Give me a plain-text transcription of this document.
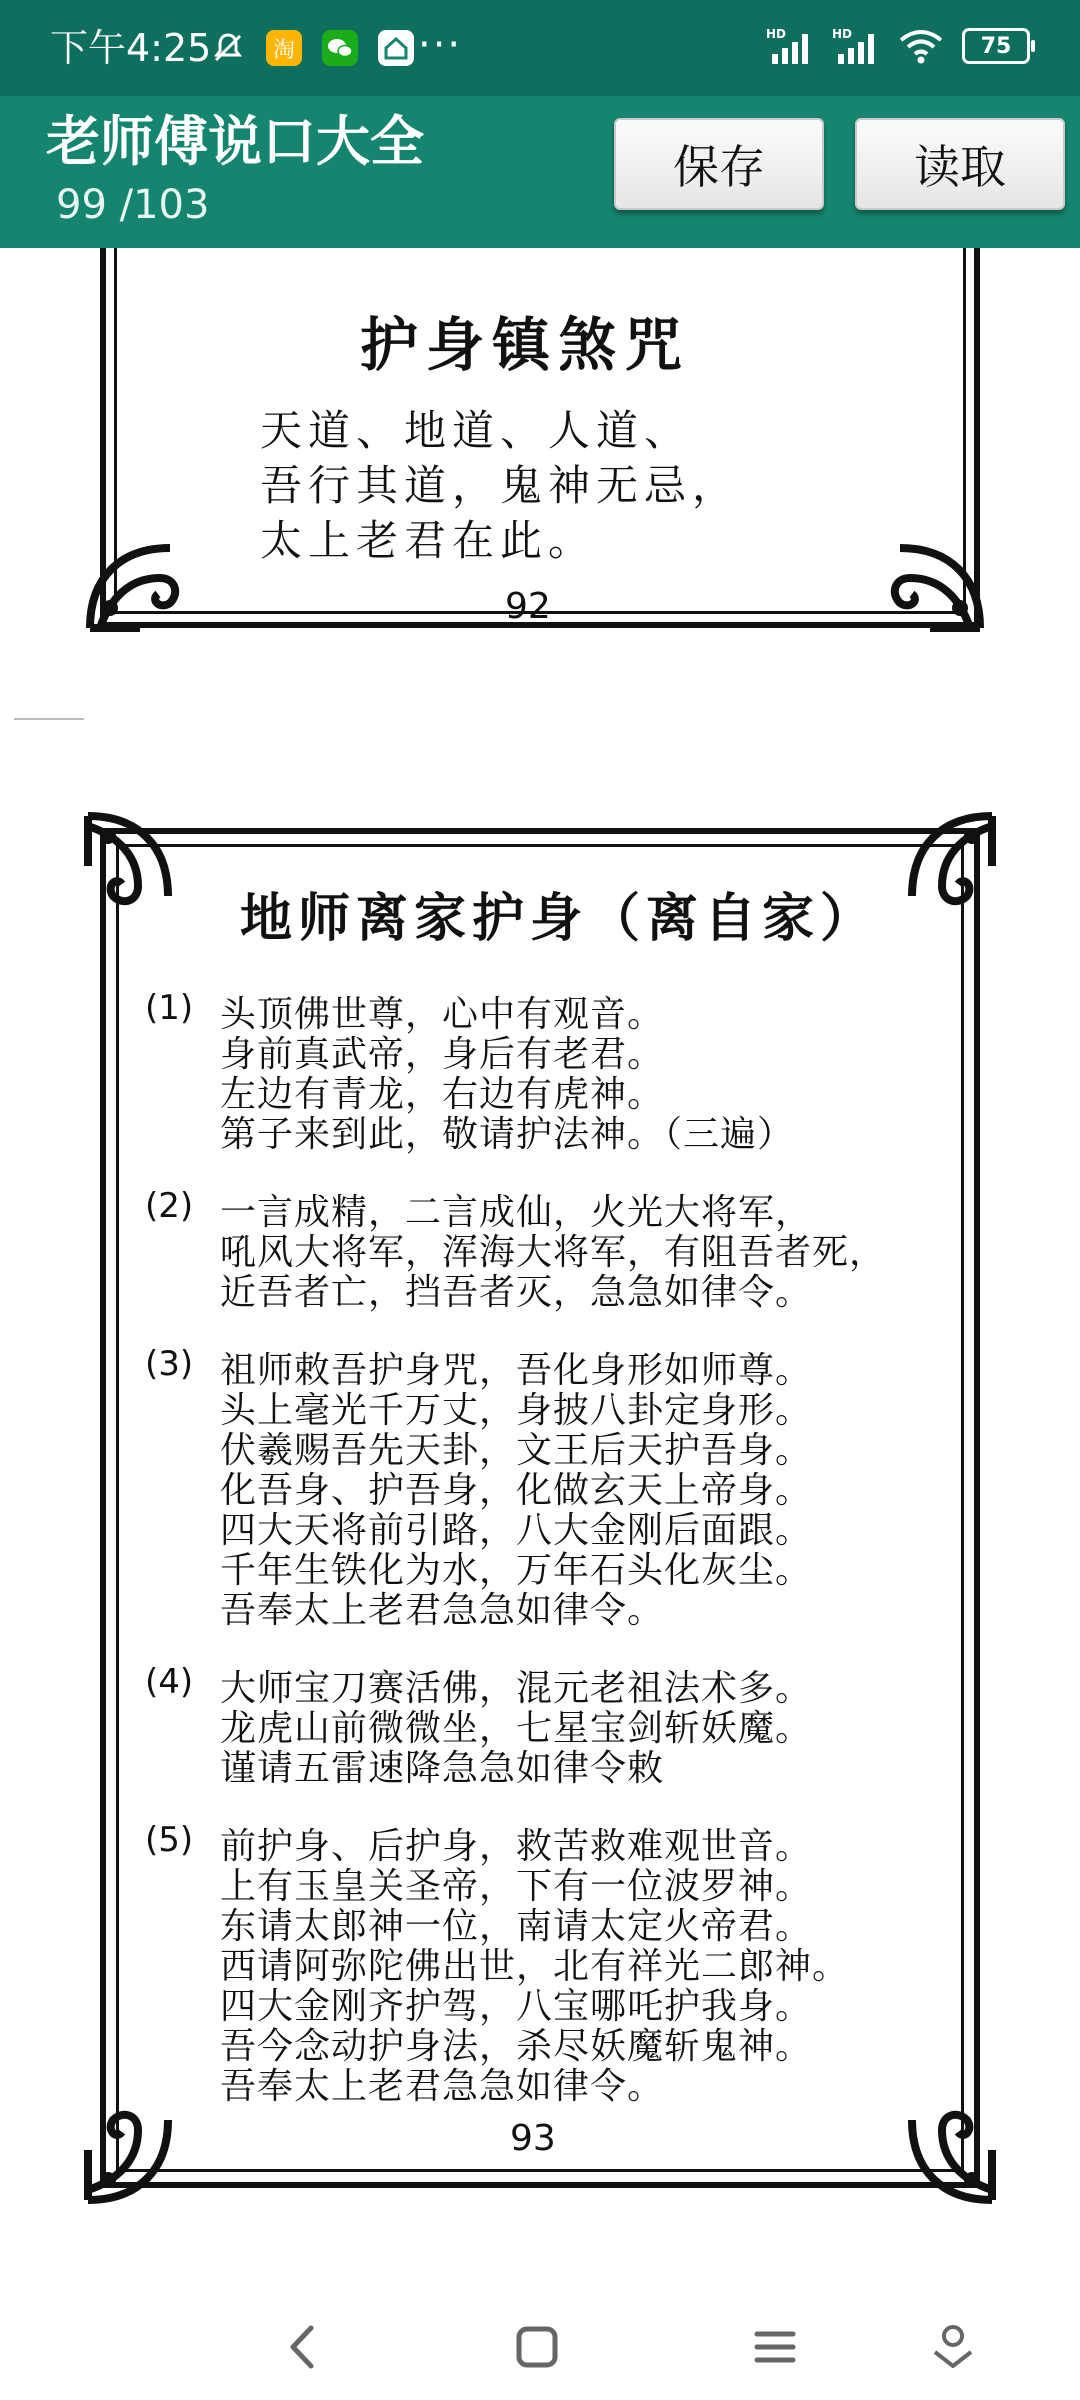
下午4:25	淘	···	HD	HD	75
老师傅说口大全
99 /103
保存	读取
护身镇煞咒
天道、地道、人道、
吾行其道，鬼神无忌，
太上老君在此。
92
地师离家护身（离自家）
(1) 头顶佛世尊，心中有观音。
身前真武帝，身后有老君。
左边有青龙，右边有虎神。
第子来到此，敬请护法神。（三遍）
(2) 一言成精，二言成仙，火光大将军，
吼风大将军，浑海大将军，有阻吾者死，
近吾者亡，挡吾者灭，急急如律令。
(3) 祖师敕吾护身咒，吾化身形如师尊。
头上毫光千万丈，身披八卦定身形。
伏羲赐吾先天卦，文王后天护吾身。
化吾身、护吾身，化做玄天上帝身。
四大天将前引路，八大金刚后面跟。
千年生铁化为水，万年石头化灰尘。
吾奉太上老君急急如律令。
(4) 大师宝刀赛活佛，混元老祖法术多。
龙虎山前微微坐，七星宝剑斩妖魔。
谨请五雷速降急急如律令敕
(5) 前护身、后护身，救苦救难观世音。
上有玉皇关圣帝，下有一位波罗神。
东请太郎神一位，南请太定火帝君。
西请阿弥陀佛出世，北有祥光二郎神。
四大金刚齐护驾，八宝哪吒护我身。
吾今念动护身法，杀尽妖魔斩鬼神。
吾奉太上老君急急如律令。
93
